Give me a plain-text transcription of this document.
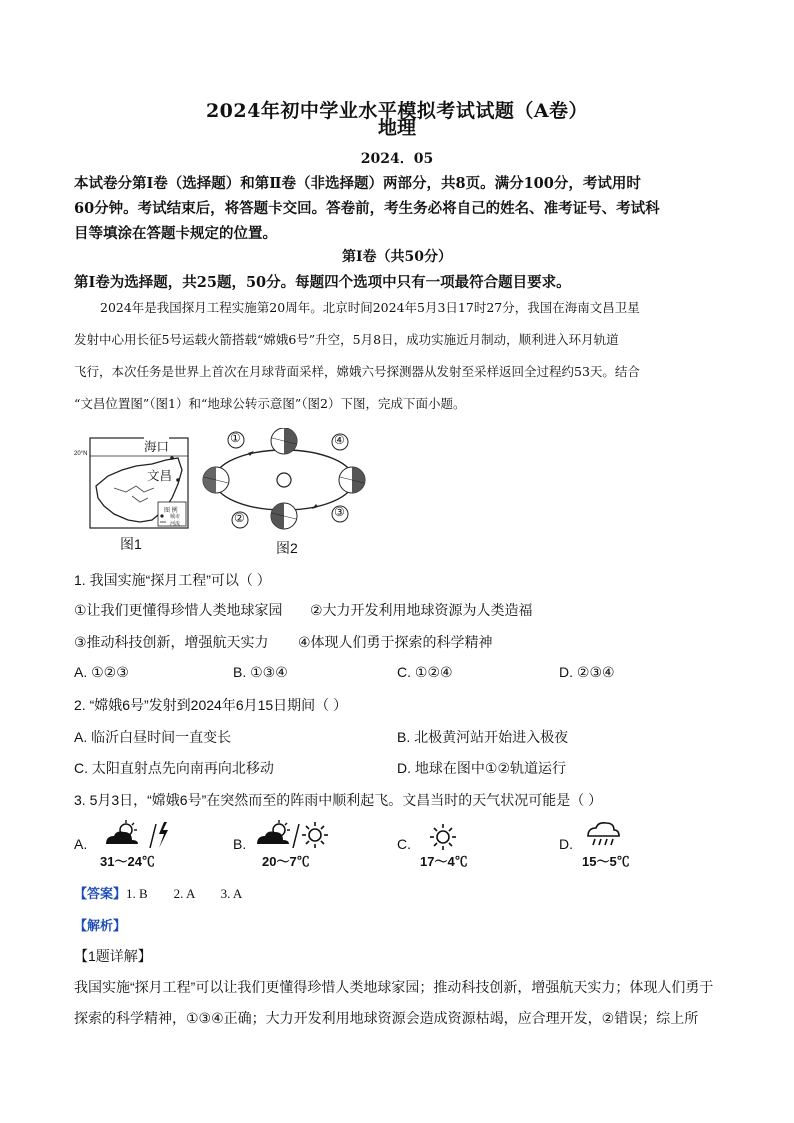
2024年初中学业水平模拟考试试题（A卷）
地理
2024．05
本试卷分第Ⅰ卷（选择题）和第Ⅱ卷（非选择题）两部分，共8页。满分100分，考试用时
60分钟。考试结束后，将答题卡交回。答卷前，考生务必将自己的姓名、准考证号、考试科
目等填涂在答题卡规定的位置。
第Ⅰ卷（共50分）
第Ⅰ卷为选择题，共25题，50分。每题四个选项中只有一项最符合题目要求。
2024年是我国探月工程实施第20周年。北京时间2024年5月3日17时27分，我国在海南文昌卫星
发射中心用长征5号运载火箭搭载“嫦娥6号”升空，5月8日，成功实施近月制动，顺利进入环月轨道
飞行，本次任务是世界上首次在月球背面采样，嫦娥六号探测器从发射至采样返回全过程约53天。结合
“文昌位置图”（图1）和“地球公转示意图”（图2）下图，完成下面小题。
20°N	海口
文昌
图 例
城市
河流
图1
①	④
②	③
图2
1. 我国实施“探月工程”可以（ ）
①让我们更懂得珍惜人类地球家园 ②大力开发利用地球资源为人类造福
③推动科技创新，增强航天实力 ④体现人们勇于探索的科学精神
A. ①②③	B. ①③④	C. ①②④	D. ②③④
2. “嫦娥6号”发射到2024年6月15日期间（ ）
A. 临沂白昼时间一直变长	B. 北极黄河站开始进入极夜
C. 太阳直射点先向南再向北移动	D. 地球在图中①②轨道运行
3. 5月3日，“嫦娥6号”在突然而至的阵雨中顺利起飞。文昌当时的天气状况可能是（ ）
A.
31～24℃
B.
20～7℃
C.
17～4℃
D.
15～5℃
【答案】1. B　　2. A　　3. A
【解析】
【1题详解】
我国实施“探月工程”可以让我们更懂得珍惜人类地球家园；推动科技创新，增强航天实力；体现人们勇于
探索的科学精神，①③④正确；大力开发利用地球资源会造成资源枯竭，应合理开发，②错误；综上所
